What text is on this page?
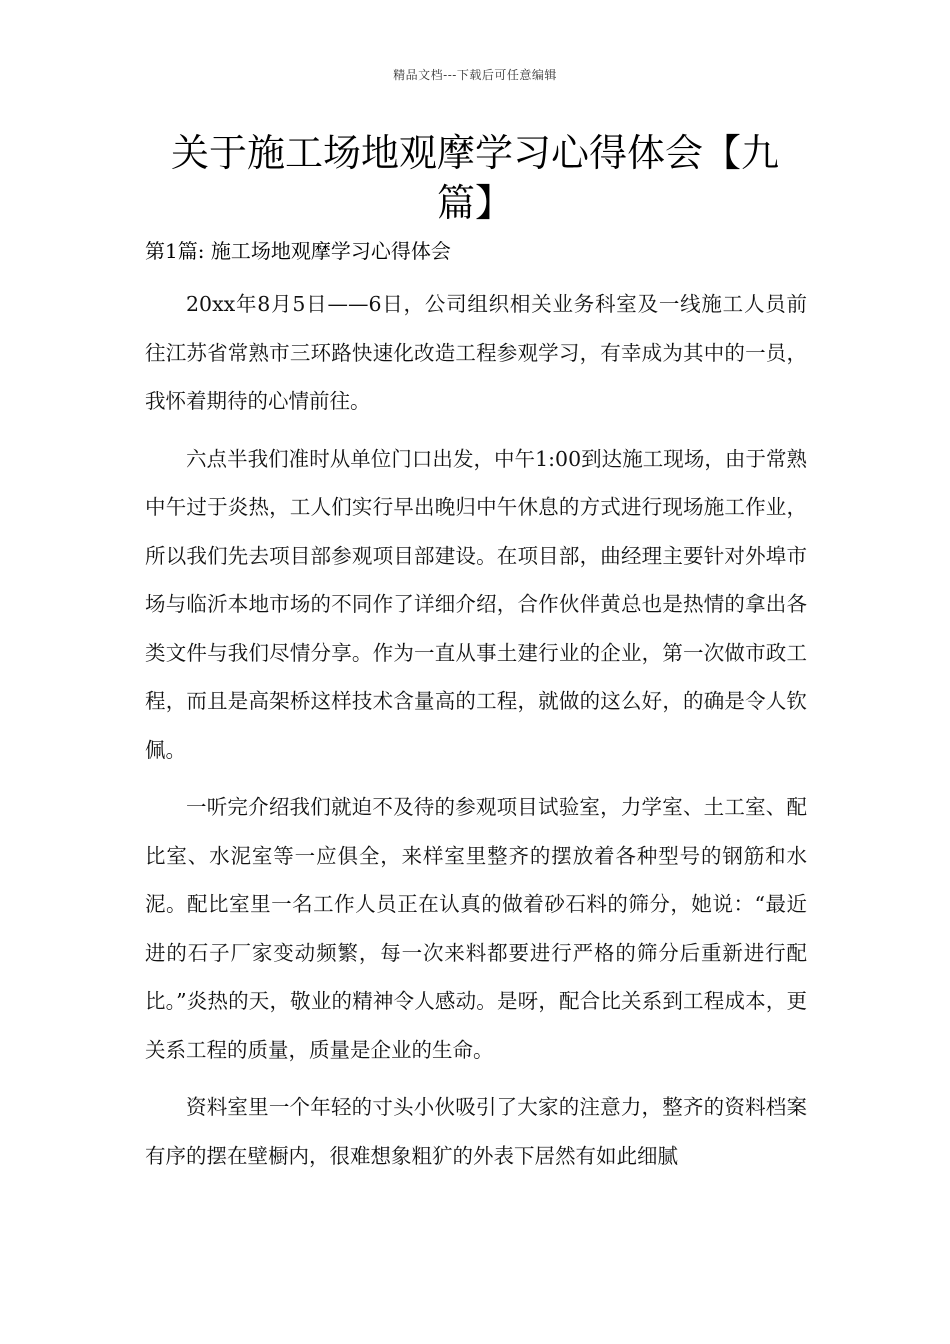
精品文档---下载后可任意编辑
关于施工场地观摩学习心得体会【九篇】
第1篇: 施工场地观摩学习心得体会

20xx年8月5日——6日，公司组织相关业务科室及一线施工人员前往江苏省常熟市三环路快速化改造工程参观学习，有幸成为其中的一员，我怀着期待的心情前往。

六点半我们准时从单位门口出发，中午1:00到达施工现场，由于常熟中午过于炎热，工人们实行早出晚归中午休息的方式进行现场施工作业，所以我们先去项目部参观项目部建设。在项目部，曲经理主要针对外埠市场与临沂本地市场的不同作了详细介绍，合作伙伴黄总也是热情的拿出各类文件与我们尽情分享。作为一直从事土建行业的企业，第一次做市政工程，而且是高架桥这样技术含量高的工程，就做的这么好，的确是令人钦佩。

一听完介绍我们就迫不及待的参观项目试验室，力学室、土工室、配比室、水泥室等一应俱全，来样室里整齐的摆放着各种型号的钢筋和水泥。配比室里一名工作人员正在认真的做着砂石料的筛分，她说：“最近进的石子厂家变动频繁，每一次来料都要进行严格的筛分后重新进行配比。”炎热的天，敬业的精神令人感动。是呀，配合比关系到工程成本，更关系工程的质量，质量是企业的生命。

资料室里一个年轻的寸头小伙吸引了大家的注意力，整齐的资料档案有序的摆在壁橱内，很难想象粗犷的外表下居然有如此细腻
